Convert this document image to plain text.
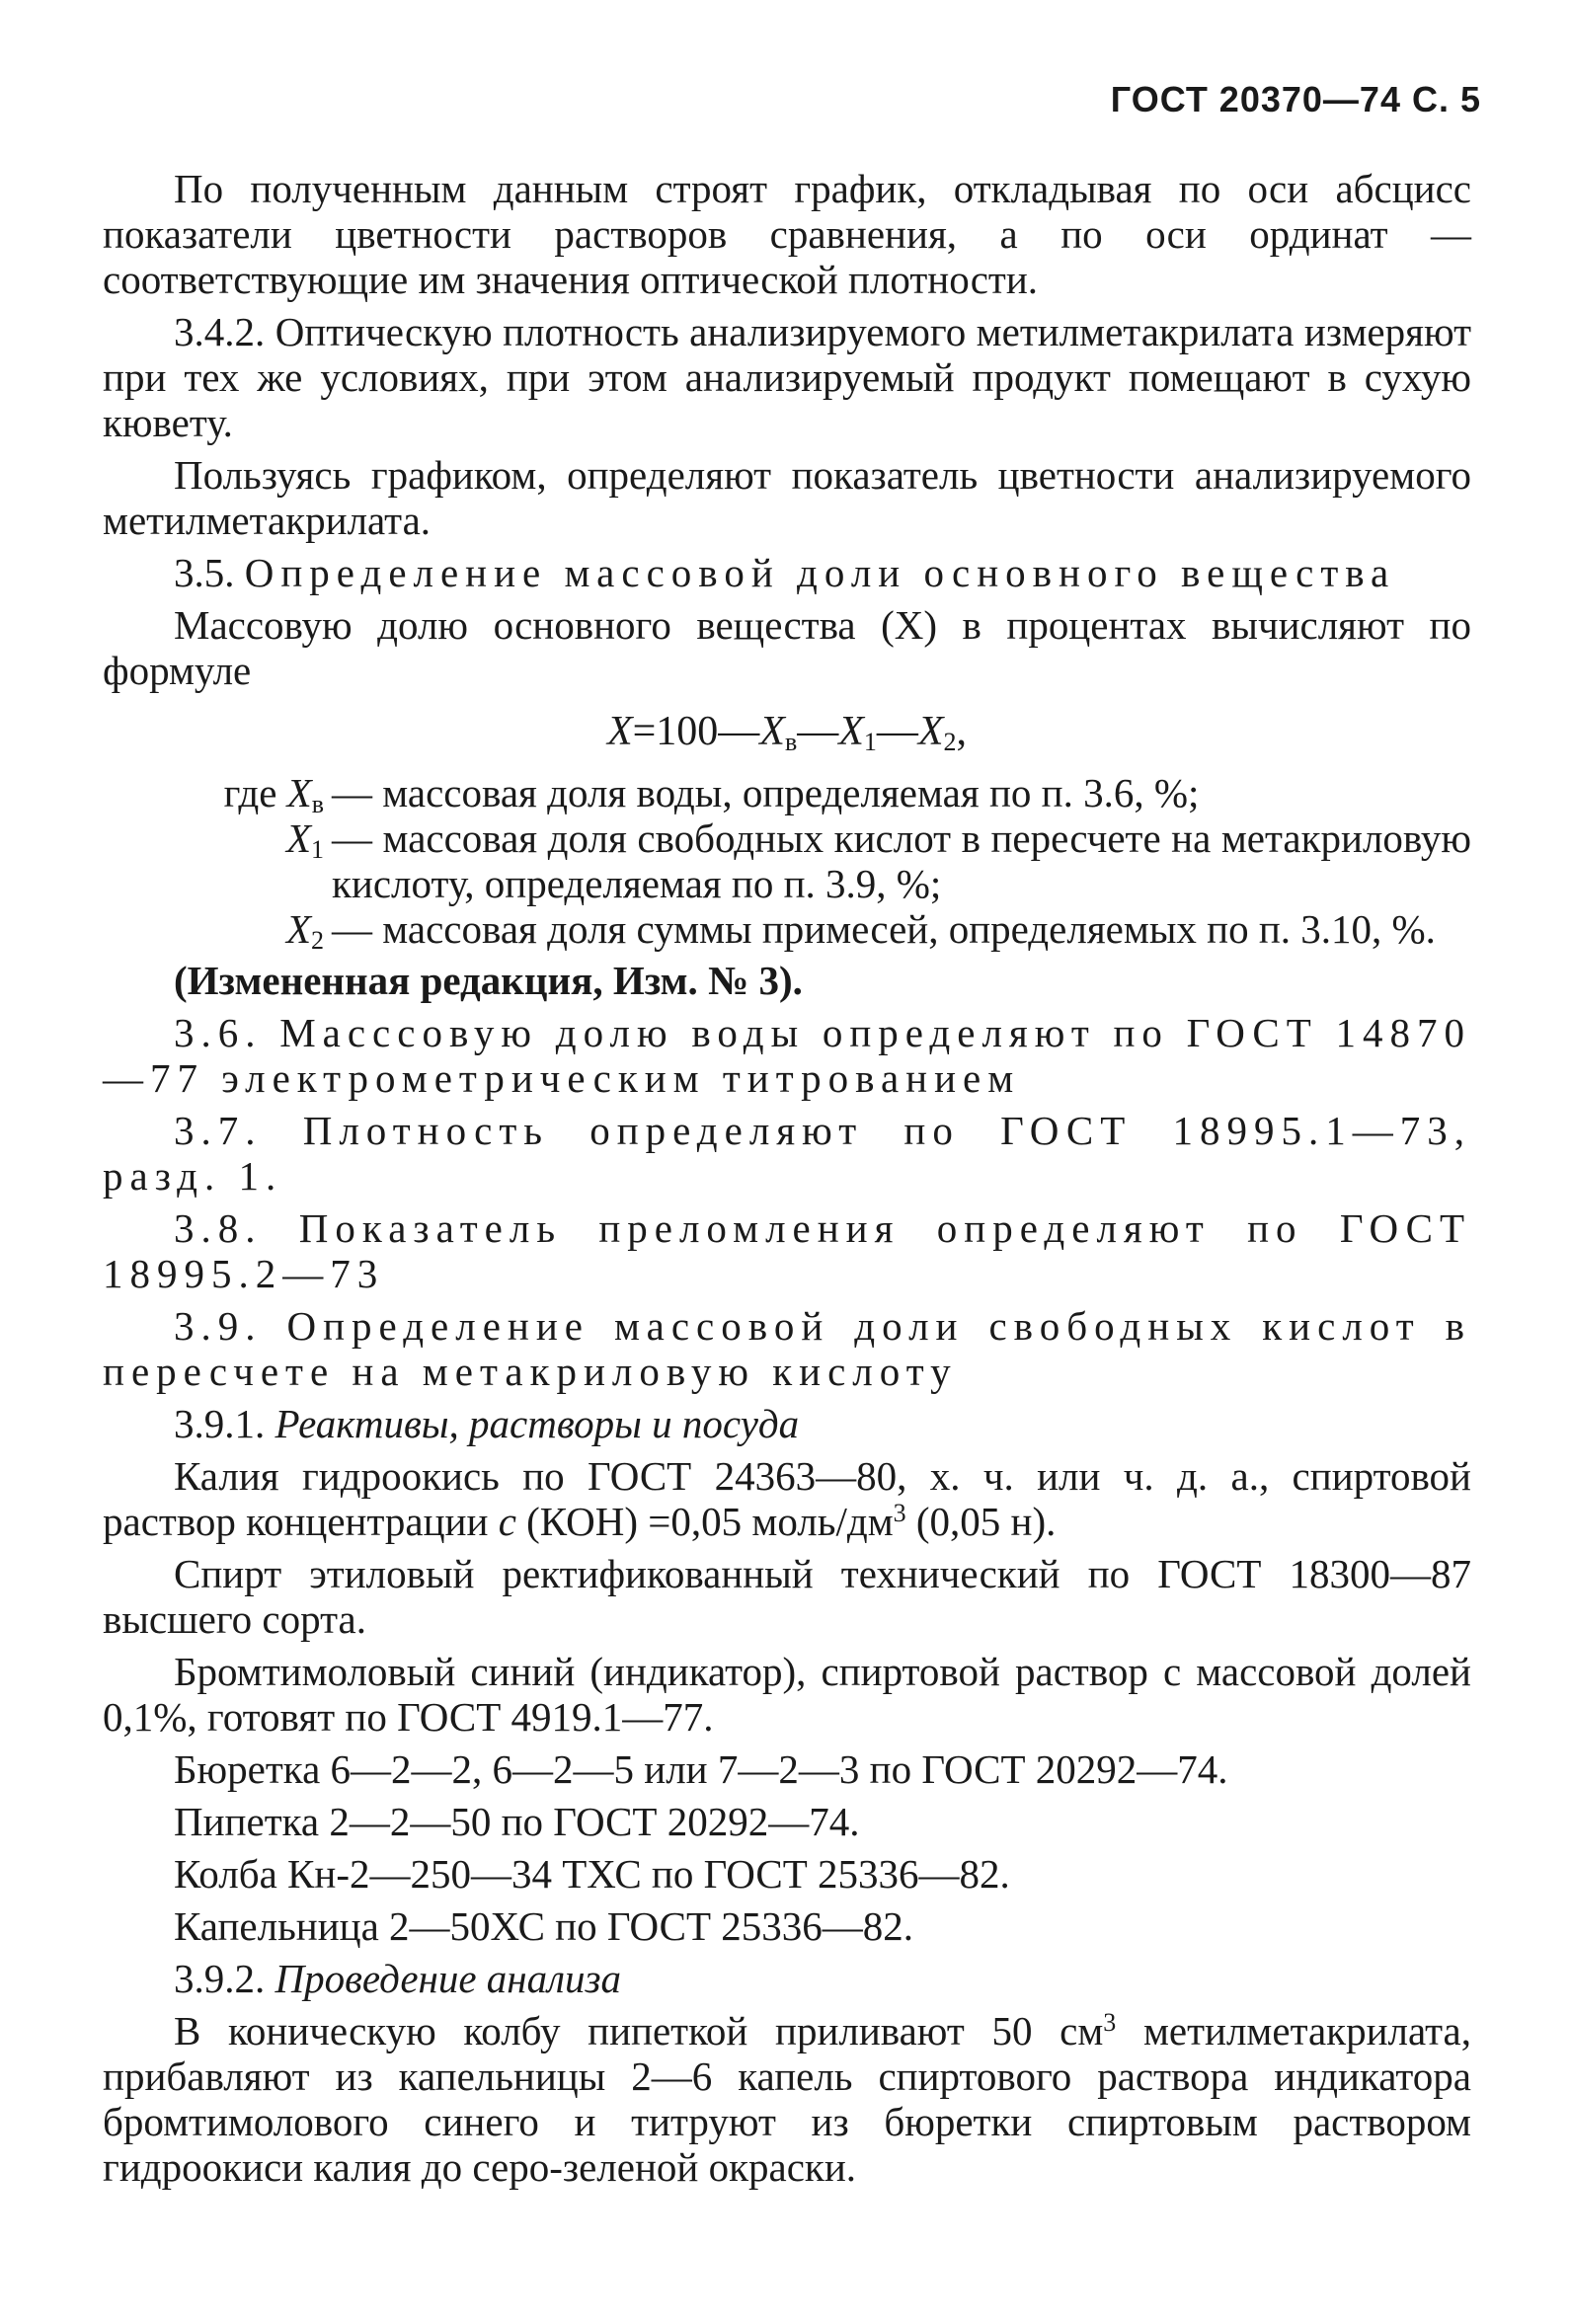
ГОСТ 20370—74 С. 5

По полученным данным строят график, откладывая по оси абсцисс показатели цветности растворов сравнения, а по оси ординат — соответствующие им значения оптической плотности.

3.4.2. Оптическую плотность анализируемого метилметакрилата измеряют при тех же условиях, при этом анализируемый продукт помещают в сухую кювету.

Пользуясь графиком, определяют показатель цветности анализируемого метилметакрилата.

3.5. Определение массовой доли основного вещества

Массовую долю основного вещества (X) в процентах вычисляют по формуле

$X=100—X_в—X_1—X_2$,
где $X_в$ — массовая доля воды, определяемая по п. 3.6, %;
$X_1$ — массовая доля свободных кислот в пересчете на метакриловую кислоту, определяемая по п. 3.9, %;
$X_2$ — массовая доля суммы примесей, определяемых по п. 3.10, %.

(Измененная редакция, Изм. № 3).

3.6. Масссовую долю воды определяют по ГОСТ 14870—77 электрометрическим титрованием

3.7. Плотность определяют по ГОСТ 18995.1—73, разд. 1.

3.8. Показатель преломления определяют по ГОСТ 18995.2—73

3.9. Определение массовой доли свободных кислот в пересчете на метакриловую кислоту

3.9.1. Реактивы, растворы и посуда

Калия гидроокись по ГОСТ 24363—80, х. ч. или ч. д. а., спиртовой раствор концентрации с (КОН) =0,05 моль/$дм^3$ (0,05 н).

Спирт этиловый ректификованный технический по ГОСТ 18300—87 высшего сорта.

Бромтимоловый синий (индикатор), спиртовой раствор с массовой долей 0,1%, готовят по ГОСТ 4919.1—77.

Бюретка 6—2—2, 6—2—5 или 7—2—3 по ГОСТ 20292—74.

Пипетка 2—2—50 по ГОСТ 20292—74.

Колба Кн-2—250—34 ТХС по ГОСТ 25336—82.

Капельница 2—50ХС по ГОСТ 25336—82.

3.9.2. Проведение анализа

В коническую колбу пипеткой приливают 50 $см^3$ метилметакрилата, прибавляют из капельницы 2—6 капель спиртового раствора индикатора бромтимолового синего и титруют из бюретки спиртовым раствором гидроокиси калия до серо-зеленой окраски.
